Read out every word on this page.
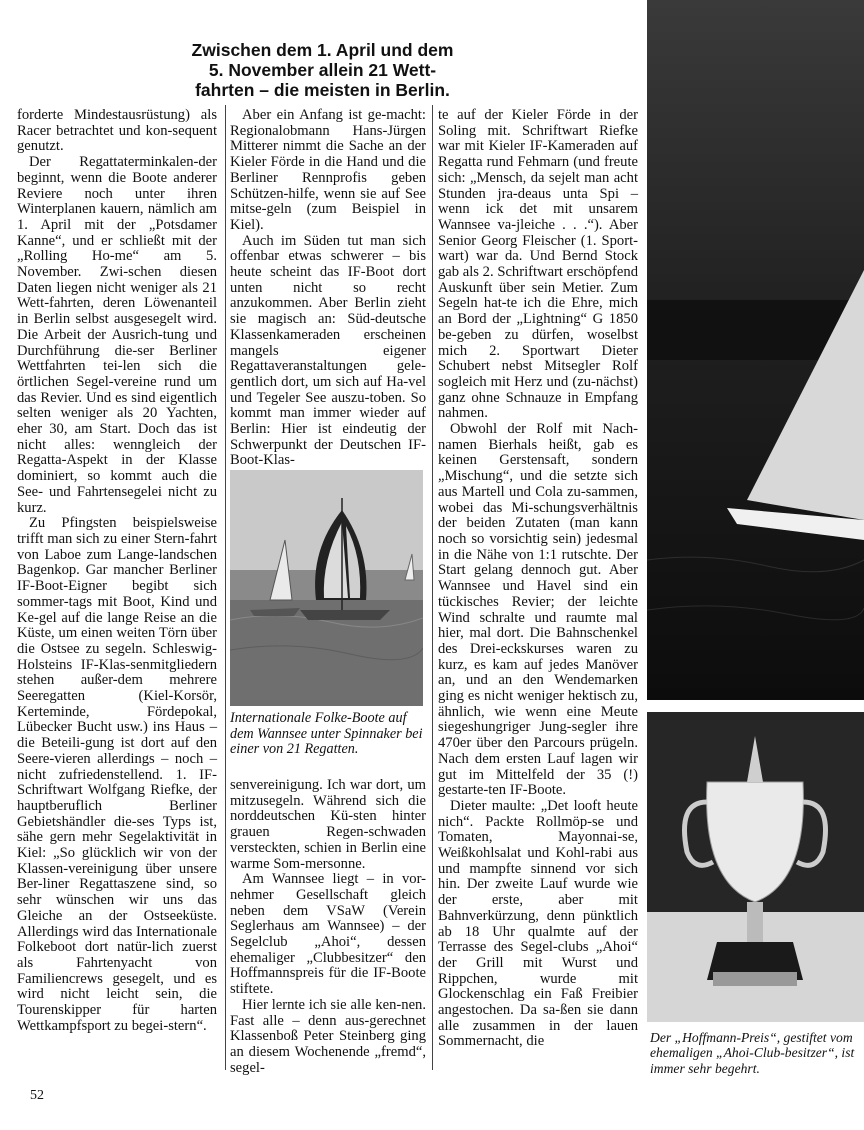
Zwischen dem 1. April und dem
5. November allein 21 Wett-
fahrten – die meisten in Berlin.

forderte Mindestausrüstung) als Racer betrachtet und kon-sequent genutzt.

Der Regattaterminkalen-der beginnt, wenn die Boote anderer Reviere noch unter ihren Winterplanen kauern, nämlich am 1. April mit der „Potsdamer Kanne“, und er schließt mit der „Rolling Ho-me“ am 5. November. Zwi-schen diesen Daten liegen nicht weniger als 21 Wett-fahrten, deren Löwenanteil in Berlin selbst ausgesegelt wird. Die Arbeit der Ausrich-tung und Durchführung die-ser Berliner Wettfahrten tei-len sich die örtlichen Segel-vereine rund um das Revier. Und es sind eigentlich selten weniger als 20 Yachten, eher 30, am Start. Doch das ist nicht alles: wenngleich der Regatta-Aspekt in der Klasse dominiert, so kommt auch die See- und Fahrtensegelei nicht zu kurz.

Zu Pfingsten beispielsweise trifft man sich zu einer Stern-fahrt von Laboe zum Lange-landschen Bagenkop. Gar mancher Berliner IF-Boot-Eigner begibt sich sommer-tags mit Boot, Kind und Ke-gel auf die lange Reise an die Küste, um einen weiten Törn über die Ostsee zu segeln. Schleswig-Holsteins IF-Klas-senmitgliedern stehen außer-dem mehrere Seeregatten (Kiel-Korsör, Kerteminde, Fördepokal, Lübecker Bucht usw.) ins Haus – die Beteili-gung ist dort auf den Seere-vieren allerdings – noch – nicht zufriedenstellend. 1. IF-Schriftwart Wolfgang Riefke, der hauptberuflich Berliner Gebietshändler die-ses Typs ist, sähe gern mehr Segelaktivität in Kiel: „So glücklich wir von der Klassen-vereinigung über unsere Ber-liner Regattaszene sind, so sehr wünschen wir uns das Gleiche an der Ostseeküste. Allerdings wird das Internationale Folkeboot dort natür-lich zuerst als Fahrtenyacht von Familiencrews gesegelt, und es wird nicht leicht sein, die Tourenskipper für harten Wettkampfsport zu begei-stern“.

Aber ein Anfang ist ge-macht: Regionalobmann Hans-Jürgen Mitterer nimmt die Sache an der Kieler Förde in die Hand und die Berliner Rennprofis geben Schützen-hilfe, wenn sie auf See mitse-geln (zum Beispiel in Kiel).

Auch im Süden tut man sich offenbar etwas schwerer – bis heute scheint das IF-Boot dort unten nicht so recht anzukommen. Aber Berlin zieht sie magisch an: Süd-deutsche Klassenkameraden erscheinen mangels eigener Regattaveranstaltungen gele-gentlich dort, um sich auf Ha-vel und Tegeler See auszu-toben. So kommt man immer wieder auf Berlin: Hier ist eindeutig der Schwerpunkt der Deutschen IF-Boot-Klas-

Internationale Folke-Boote auf dem Wannsee unter Spinnaker bei einer von 21 Regatten.

senvereinigung. Ich war dort, um mitzusegeln. Während sich die norddeutschen Kü-sten hinter grauen Regen-schwaden versteckten, schien in Berlin eine warme Som-mersonne.

Am Wannsee liegt – in vor-nehmer Gesellschaft gleich neben dem VSaW (Verein Seglerhaus am Wannsee) – der Segelclub „Ahoi“, dessen ehemaliger „Clubbesitzer“ den Hoffmannspreis für die IF-Boote stiftete.

Hier lernte ich sie alle ken-nen. Fast alle – denn aus-gerechnet Klassenboß Peter Steinberg ging an diesem Wochenende „fremd“, segel-

te auf der Kieler Förde in der Soling mit. Schriftwart Riefke war mit Kieler IF-Kameraden auf Regatta rund Fehmarn (und freute sich: „Mensch, da sejelt man acht Stunden jra-deaus unta Spi – wenn ick det mit unsarem Wannsee va-jleiche . . .“). Aber Senior Georg Fleischer (1. Sport-wart) war da. Und Bernd Stock gab als 2. Schriftwart erschöpfend Auskunft über sein Metier. Zum Segeln hat-te ich die Ehre, mich an Bord der „Lightning“ G 1850 be-geben zu dürfen, woselbst mich 2. Sportwart Dieter Schubert nebst Mitsegler Rolf sogleich mit Herz und (zu-nächst) ganz ohne Schnauze in Empfang nahmen.

Obwohl der Rolf mit Nach-namen Bierhals heißt, gab es keinen Gerstensaft, sondern „Mischung“, und die setzte sich aus Martell und Cola zu-sammen, wobei das Mi-schungsverhältnis der beiden Zutaten (man kann noch so vorsichtig sein) jedesmal in die Nähe von 1:1 rutschte. Der Start gelang dennoch gut. Aber Wannsee und Havel sind ein tückisches Revier; der leichte Wind schralte und raumte mal hier, mal dort. Die Bahnschenkel des Drei-eckskurses waren zu kurz, es kam auf jedes Manöver an, und an den Wendemarken ging es nicht weniger hektisch zu, ähnlich, wie wenn eine Meute siegeshungriger Jung-segler ihre 470er über den Parcours prügeln. Nach dem ersten Lauf lagen wir gut im Mittelfeld der 35 (!) gestarte-ten IF-Boote.

Dieter maulte: „Det looft heute nich“. Packte Rollmöp-se und Tomaten, Mayonnai-se, Weißkohlsalat und Kohl-rabi aus und mampfte sinnend vor sich hin. Der zweite Lauf wurde wie der erste, aber mit Bahnverkürzung, denn pünktlich ab 18 Uhr qualmte auf der Terrasse des Segel-clubs „Ahoi“ der Grill mit Wurst und Rippchen, wurde mit Glockenschlag ein Faß Freibier angestochen. Da sa-ßen sie dann alle zusammen in der lauen Sommernacht, die	Der „Hoffmann-Preis“, gestiftet vom ehemaligen „Ahoi-Club-besitzer“, ist immer sehr begehrt.
52
